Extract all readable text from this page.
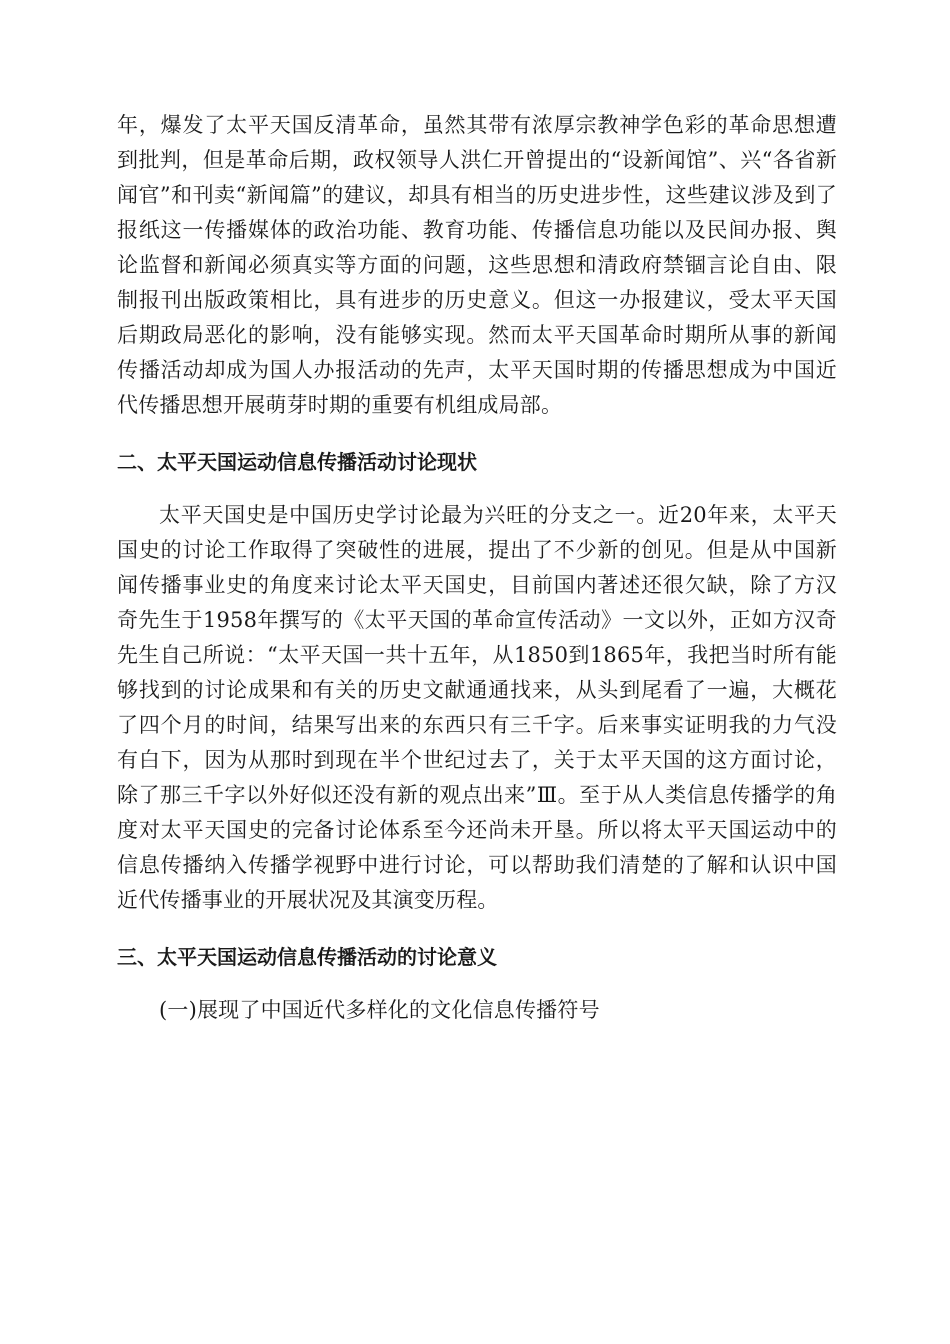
年，爆发了太平天国反清革命，虽然其带有浓厚宗教神学色彩的革命思想遭到批判，但是革命后期，政权领导人洪仁开曾提出的“设新闻馆”、兴“各省新闻官”和刊卖“新闻篇”的建议，却具有相当的历史进步性，这些建议涉及到了报纸这一传播媒体的政治功能、教育功能、传播信息功能以及民间办报、舆论监督和新闻必须真实等方面的问题，这些思想和清政府禁锢言论自由、限制报刊出版政策相比，具有进步的历史意义。但这一办报建议，受太平天国后期政局恶化的影响，没有能够实现。然而太平天国革命时期所从事的新闻传播活动却成为国人办报活动的先声，太平天国时期的传播思想成为中国近代传播思想开展萌芽时期的重要有机组成局部。

二、太平天国运动信息传播活动讨论现状

太平天国史是中国历史学讨论最为兴旺的分支之一。近20年来，太平天国史的讨论工作取得了突破性的进展，提出了不少新的创见。但是从中国新闻传播事业史的角度来讨论太平天国史，目前国内著述还很欠缺，除了方汉奇先生于1958年撰写的《太平天国的革命宣传活动》一文以外，正如方汉奇先生自己所说：“太平天国一共十五年，从1850到1865年，我把当时所有能够找到的讨论成果和有关的历史文献通通找来，从头到尾看了一遍，大概花了四个月的时间，结果写出来的东西只有三千字。后来事实证明我的力气没有白下，因为从那时到现在半个世纪过去了，关于太平天国的这方面讨论，除了那三千字以外好似还没有新的观点出来”Ⅲ。至于从人类信息传播学的角度对太平天国史的完备讨论体系至今还尚未开垦。所以将太平天国运动中的信息传播纳入传播学视野中进行讨论，可以帮助我们清楚的了解和认识中国近代传播事业的开展状况及其演变历程。

三、太平天国运动信息传播活动的讨论意义

(一)展现了中国近代多样化的文化信息传播符号
